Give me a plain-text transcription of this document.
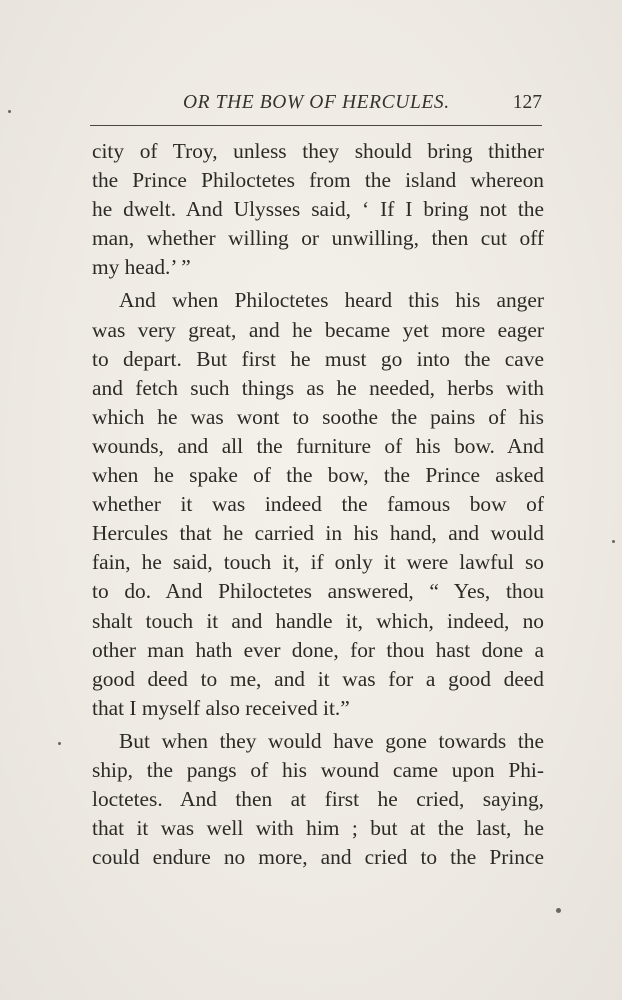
OR THE BOW OF HERCULES.	127

city of Troy, unless they should bring thither
the Prince Philoctetes from the island whereon
he dwelt. And Ulysses said, ‘ If I bring not the
man, whether willing or unwilling, then cut off
my head.’ ”

And when Philoctetes heard this his anger
was very great, and he became yet more eager
to depart. But first he must go into the cave
and fetch such things as he needed, herbs with
which he was wont to soothe the pains of his
wounds, and all the furniture of his bow. And
when he spake of the bow, the Prince asked
whether it was indeed the famous bow of
Hercules that he carried in his hand, and would
fain, he said, touch it, if only it were lawful so
to do. And Philoctetes answered, “ Yes, thou
shalt touch it and handle it, which, indeed, no
other man hath ever done, for thou hast done a
good deed to me, and it was for a good deed
that I myself also received it.”

But when they would have gone towards the
ship, the pangs of his wound came upon Phi-
loctetes. And then at first he cried, saying,
that it was well with him ; but at the last, he
could endure no more, and cried to the Prince
